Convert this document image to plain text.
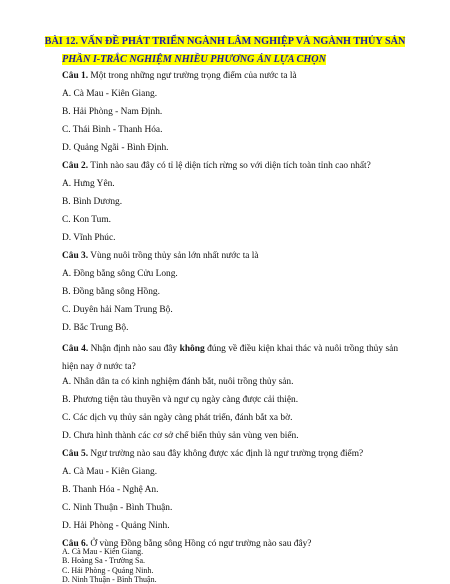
BÀI 12. VẤN ĐỀ PHÁT TRIỂN NGÀNH LÂM NGHIỆP VÀ NGÀNH THỦY SẢN
PHẦN I-TRẮC NGHIỆM NHIỀU PHƯƠNG ÁN LỰA CHỌN
Câu 1. Một trong những ngư trường trọng điểm của nước ta là
A. Cà Mau - Kiên Giang.
B. Hải Phòng - Nam Định.
C. Thái Bình - Thanh Hóa.
D. Quảng Ngãi - Bình Định.
Câu 2. Tỉnh nào sau đây có tỉ lệ diện tích rừng so với diện tích toàn tỉnh cao nhất?
A. Hưng Yên.
B. Bình Dương.
C. Kon Tum.
D. Vĩnh Phúc.
Câu 3. Vùng nuôi trồng thủy sản lớn nhất nước ta là
A. Đồng bằng sông Cửu Long.
B. Đồng bằng sông Hồng.
C. Duyên hải Nam Trung Bộ.
D. Bắc Trung Bộ.
Câu 4. Nhận định nào sau đây không đúng về điều kiện khai thác và nuôi trồng thủy sản hiện nay ở nước ta?
A. Nhân dân ta có kinh nghiệm đánh bắt, nuôi trồng thủy sản.
B. Phương tiện tàu thuyền và ngư cụ ngày càng được cải thiện.
C. Các dịch vụ thủy sản ngày càng phát triển, đánh bắt xa bờ.
D. Chưa hình thành các cơ sở chế biến thủy sản vùng ven biển.
Câu 5. Ngư trường nào sau đây không được xác định là ngư trường trọng điểm?
A. Cà Mau - Kiên Giang.
B. Thanh Hóa - Nghệ An.
C. Ninh Thuận - Bình Thuận.
D. Hải Phòng - Quảng Ninh.
Câu 6. Ở vùng Đồng bằng sông Hồng có ngư trường nào sau đây?
A. Cà Mau - Kiên Giang.
B. Hoàng Sa - Trường Sa.
C. Hải Phòng - Quảng Ninh.
D. Ninh Thuận - Bình Thuận.
